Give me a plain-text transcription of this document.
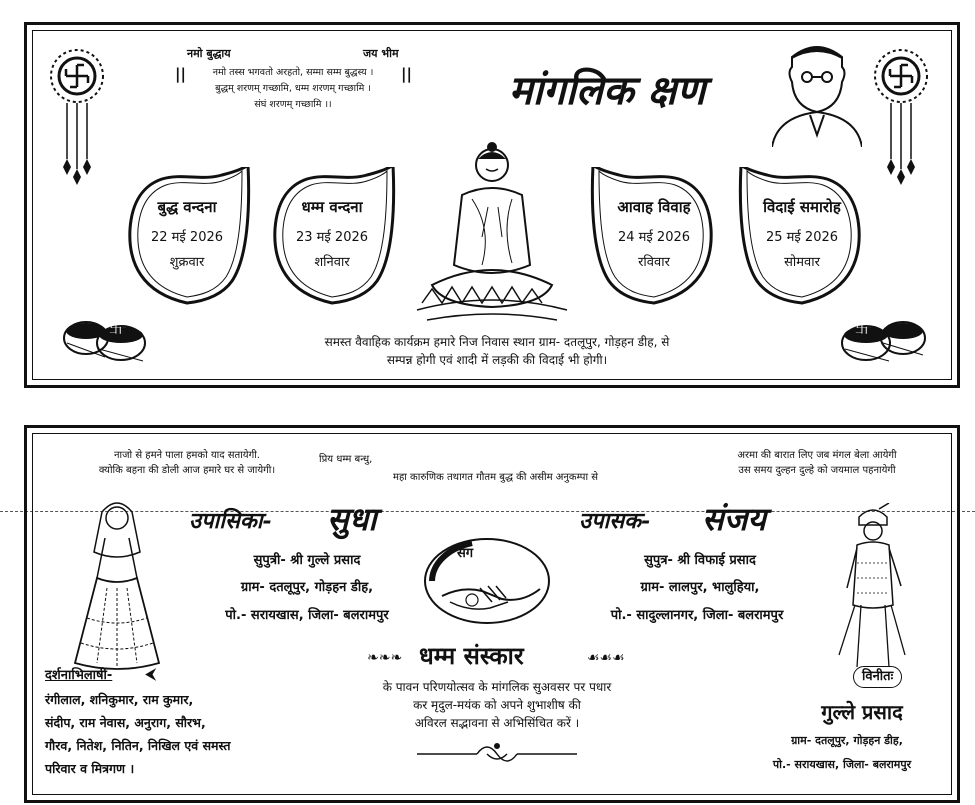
नमो बुद्धाय	जय भीम
||	||
नमो तस्स भगवतो अरहतो, सम्मा सम्म बुद्धस्य ।
बुद्धम् शरणम् गच्छामि, धम्म शरणम् गच्छामि ।
संघं शरणम् गच्छामि ।।	मांगलिक क्षण
बुद्ध वन्दना
22 मई 2026
शुक्रवार
धम्म वन्दना
23 मई 2026
शनिवार
आवाह विवाह
24 मई 2026
रविवार
विदाई समारोह
25 मई 2026
सोमवार
卐	卐
समस्त वैवाहिक कार्यक्रम हमारे निज निवास स्थान ग्राम- दतलूपुर, गोड़हन डीह, से
सम्पन्न होगी एवं शादी में लड़की की विदाई भी होगी।
नाजो से हमने पाला हमको याद सतायेगी.
क्योकि बहना की डोली आज हमारे घर से जायेगी।
प्रिय धम्म बन्धु,
महा कारुणिक तथागत गौतम बुद्ध की असीम अनुकम्पा से
अरमा की बारात लिए जब मंगल बेला आयेगी
उस समय दुल्हन दुल्हे को जयमाल पहनायेगी
उपासिका- सुधा
सुपुत्री- श्री गुल्ले प्रसाद
ग्राम- दतलूपुर, गोड़हन डीह,
पो.- सरायखास, जिला- बलरामपुर
उपासक- संजय
सुपुत्र- श्री विफाई प्रसाद
ग्राम- लालपुर, भालुहिया,
पो.- सादुल्लानगर, जिला- बलरामपुर
संग
❧❧❧ धम्म संस्कार	☙☙☙
के पावन परिणयोत्सव के मांगलिक सुअवसर पर पधार
कर मृदुल-मयंक को अपने शुभाशीष की
अविरल सद्भावना से अभिसिंचित करें ।
दर्शनाभिलाषी- ⮜
रंगीलाल, शनिकुमार, राम कुमार,
संदीप, राम नेवास, अनुराग, सौरभ,
गौरव, नितेश, नितिन, निखिल एवं समस्त
परिवार व मित्रगण ।
विनीतः
गुल्ले प्रसाद
ग्राम- दतलूपुर, गोड़हन डीह,
पो.- सरायखास, जिला- बलरामपुर
